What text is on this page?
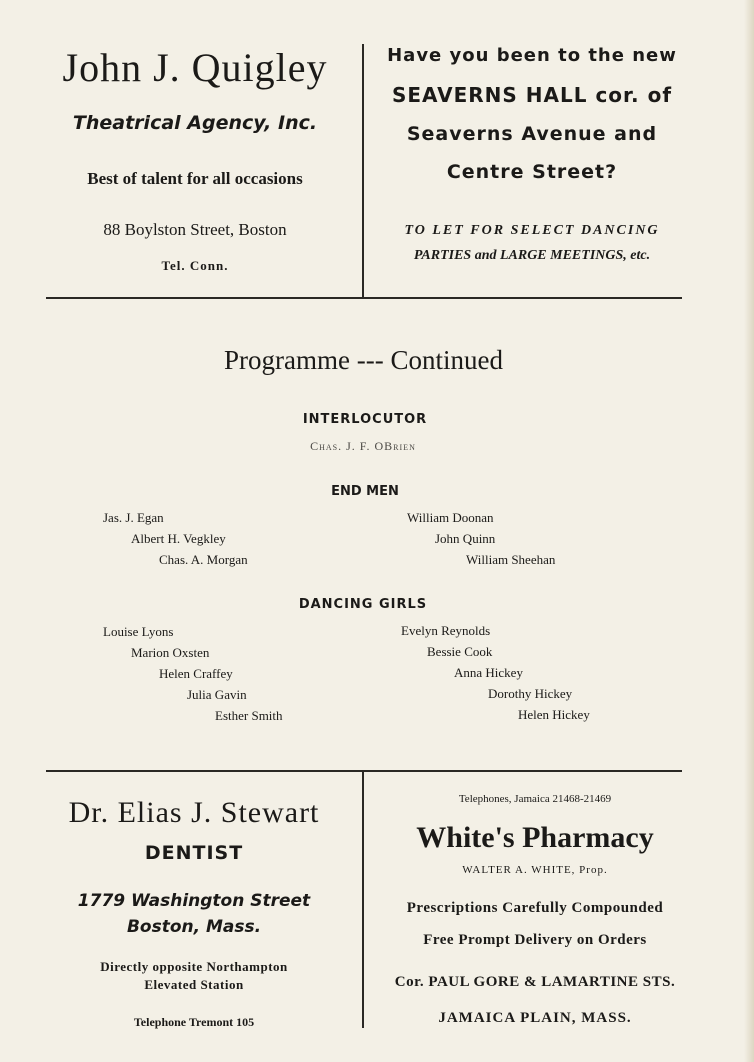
John J. Quigley
Theatrical Agency, Inc.
Best of talent for all occasions
88 Boylston Street, Boston
Tel. Conn.
Have you been to the new
SEAVERNS HALL cor. of
Seaverns Avenue and
Centre Street?
TO LET FOR SELECT DANCING
PARTIES and LARGE MEETINGS, etc.
Programme --- Continued
INTERLOCUTOR
Chas. J. F. OBrien
END MEN
Jas. J. Egan
Albert H. Vegkley
Chas. A. Morgan
William Doonan
John Quinn
William Sheehan
DANCING GIRLS
Louise Lyons
Marion Oxsten
Helen Craffey
Julia Gavin
Esther Smith
Evelyn Reynolds
Bessie Cook
Anna Hickey
Dorothy Hickey
Helen Hickey
Dr. Elias J. Stewart
DENTIST
1779 Washington Street
Boston, Mass.
Directly opposite Northampton
Elevated Station
Telephone Tremont 105
Telephones, Jamaica 21468-21469
White's Pharmacy
WALTER A. WHITE, Prop.
Prescriptions Carefully Compounded
Free Prompt Delivery on Orders
Cor. PAUL GORE & LAMARTINE STS.
JAMAICA PLAIN, MASS.
